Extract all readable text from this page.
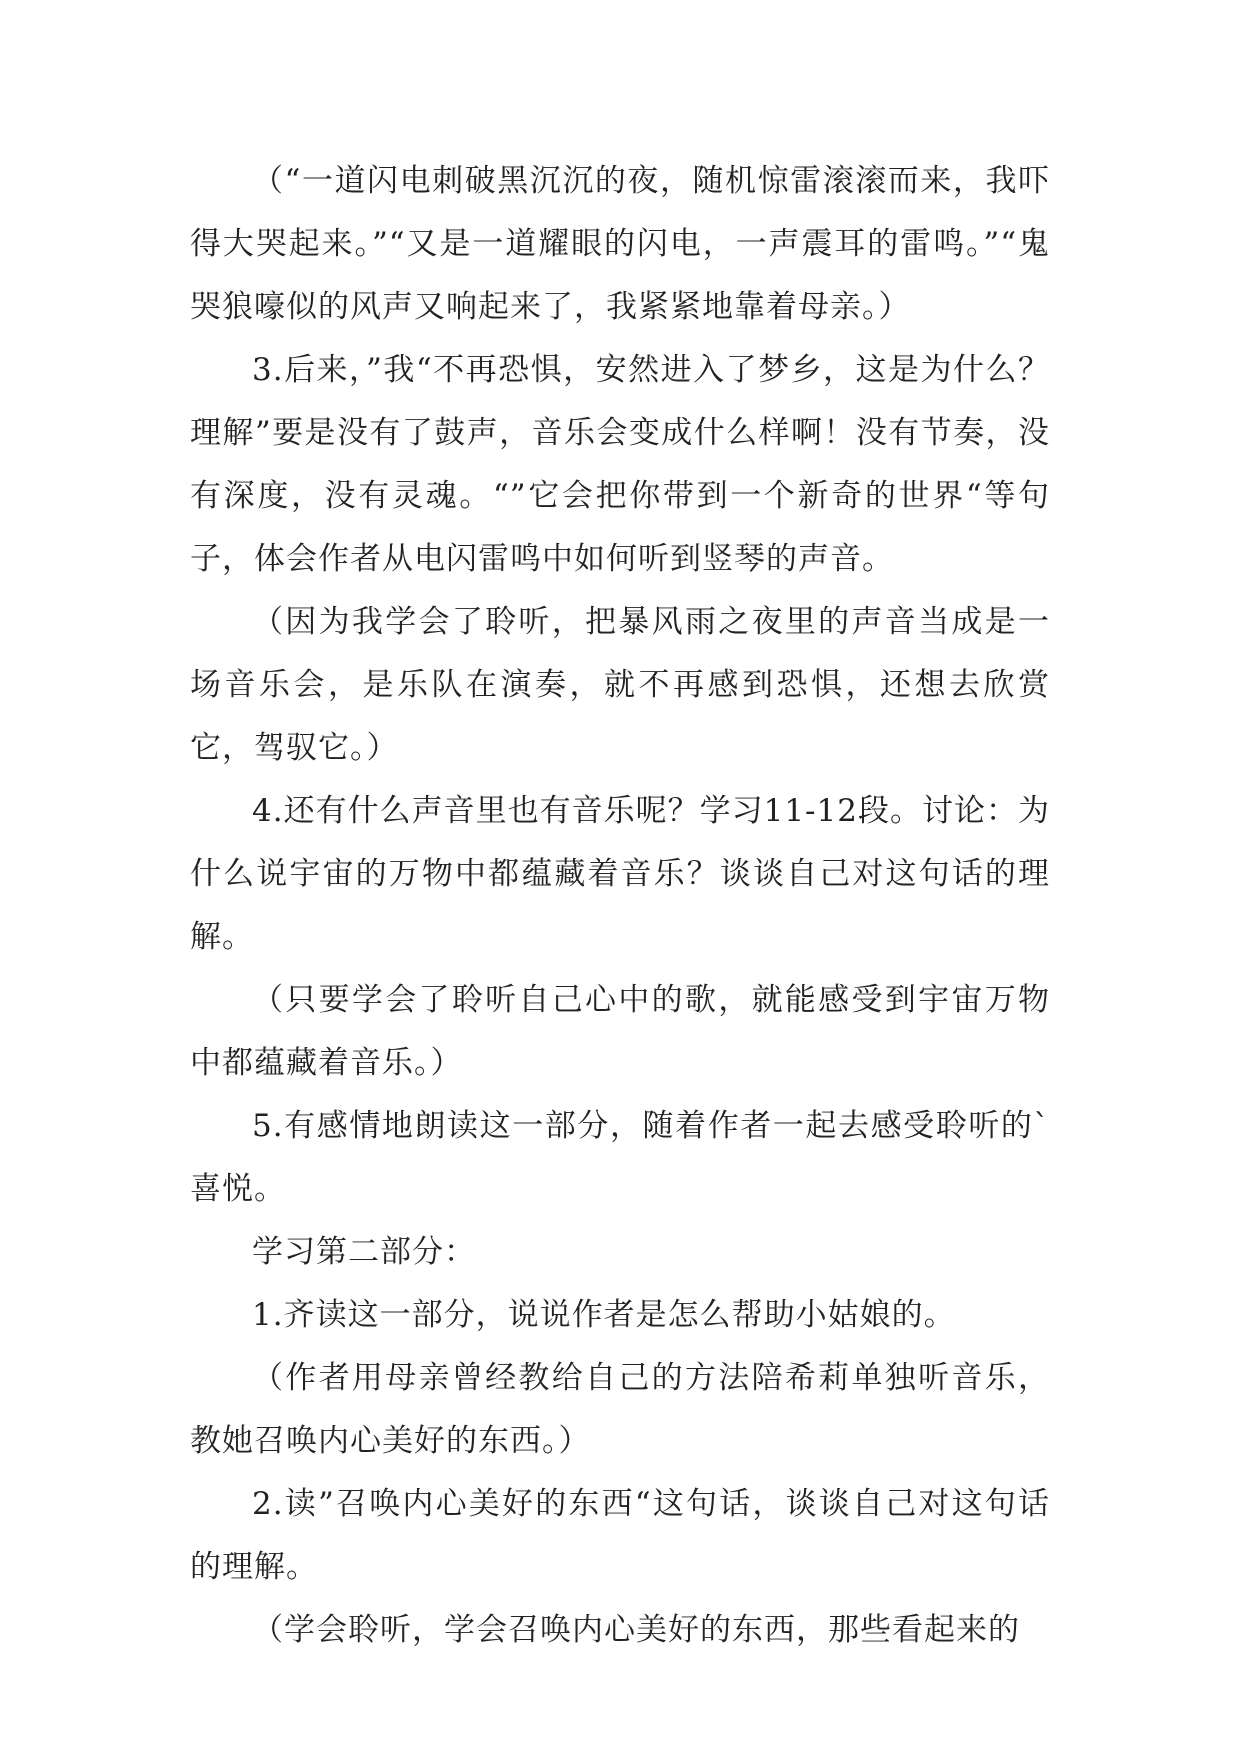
（“一道闪电刺破黑沉沉的夜，随机惊雷滚滚而来，我吓得大哭起来。”“又是一道耀眼的闪电，一声震耳的雷鸣。”“鬼哭狼嚎似的风声又响起来了，我紧紧地靠着母亲。）

3.后来，”我“不再恐惧，安然进入了梦乡，这是为什么？理解”要是没有了鼓声，音乐会变成什么样啊！没有节奏，没有深度，没有灵魂。“”它会把你带到一个新奇的世界“等句子，体会作者从电闪雷鸣中如何听到竖琴的声音。

（因为我学会了聆听，把暴风雨之夜里的声音当成是一场音乐会，是乐队在演奏，就不再感到恐惧，还想去欣赏它，驾驭它。）

4.还有什么声音里也有音乐呢？学习11-12段。讨论：为什么说宇宙的万物中都蕴藏着音乐？谈谈自己对这句话的理解。

（只要学会了聆听自己心中的歌，就能感受到宇宙万物中都蕴藏着音乐。）

5.有感情地朗读这一部分，随着作者一起去感受聆听的`喜悦。

学习第二部分：

1.齐读这一部分，说说作者是怎么帮助小姑娘的。

（作者用母亲曾经教给自己的方法陪希莉单独听音乐，教她召唤内心美好的东西。）

2.读”召唤内心美好的东西“这句话，谈谈自己对这句话的理解。

（学会聆听，学会召唤内心美好的东西，那些看起来的
